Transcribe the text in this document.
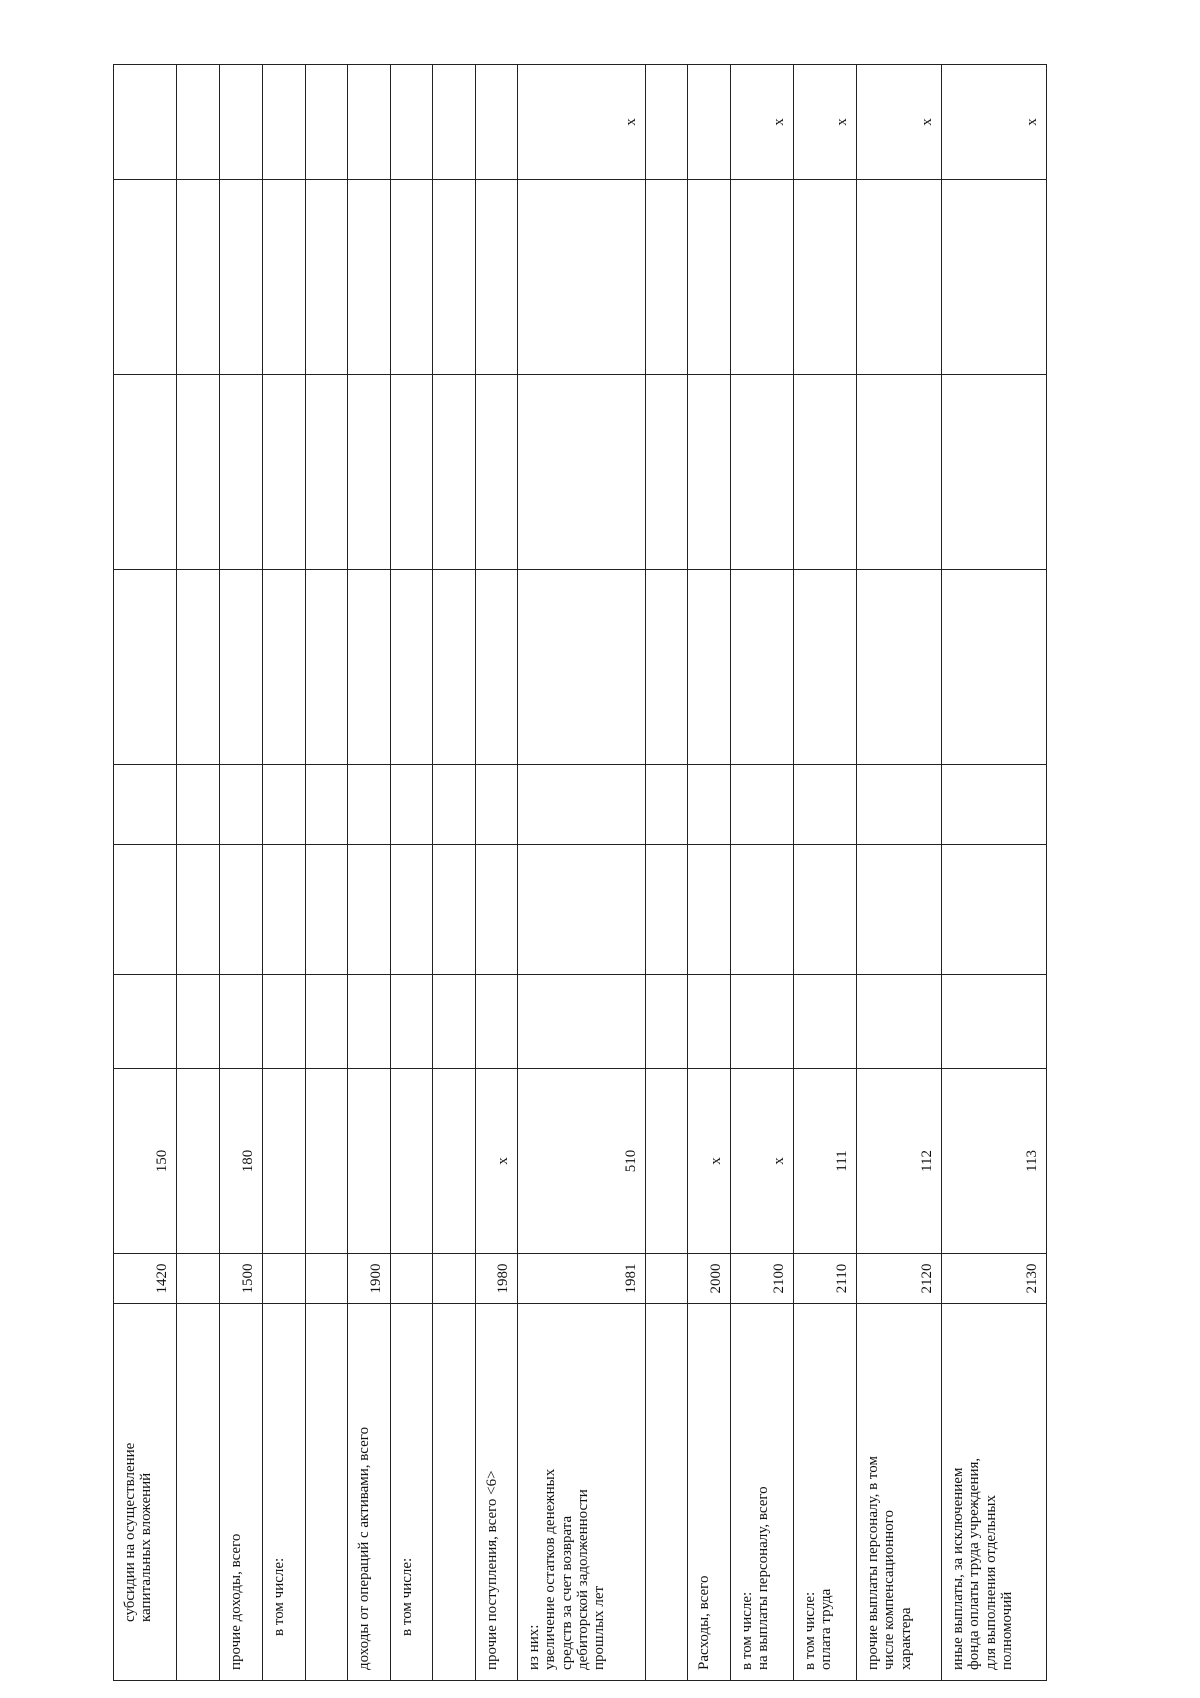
субсидии на осуществление капитальных вложений	1420	150							

прочие доходы, всего	1500	180							

в том числе:									

доходы от операций с активами, всего	1900								

в том числе:									

прочие поступления, всего <6>	1980	x							

из них: увеличение остатков денежных средств за счет возврата дебиторской задолженности прошлых лет	1981	510							x

Расходы, всего	2000	x							

в том числе: на выплаты персоналу, всего	2100	x							x

в том числе: оплата труда	2110	111							x

прочие выплаты персоналу, в том числе компенсационного характера	2120	112							x

иные выплаты, за исключением фонда оплаты труда учреждения, для выполнения отдельных полномочий	2130	113							x
